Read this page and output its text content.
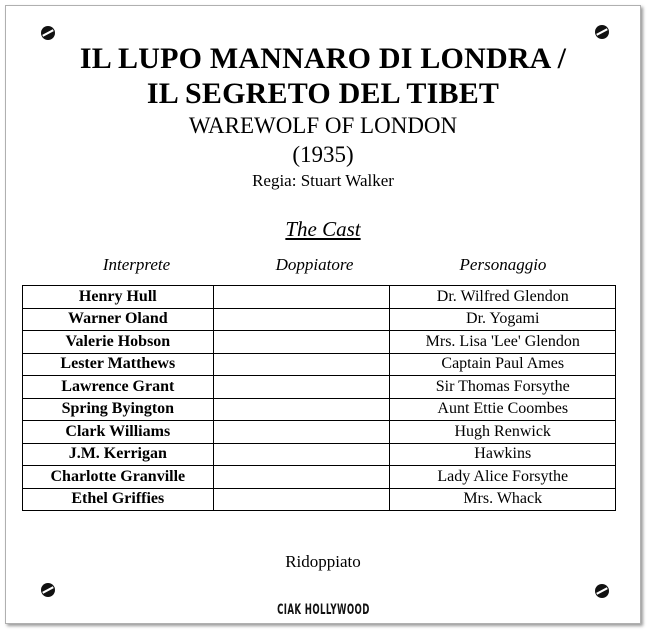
IL LUPO MANNARO DI LONDRA /
IL SEGRETO DEL TIBET
WAREWOLF OF LONDON
(1935)
Regia: Stuart Walker
The Cast
Interprete	Doppiatore	Personaggio
Henry Hull		Dr. Wilfred Glendon
Warner Oland		Dr. Yogami
Valerie Hobson		Mrs. Lisa 'Lee' Glendon
Lester Matthews		Captain Paul Ames
Lawrence Grant		Sir Thomas Forsythe
Spring Byington		Aunt Ettie Coombes
Clark Williams		Hugh Renwick
J.M. Kerrigan		Hawkins
Charlotte Granville		Lady Alice Forsythe
Ethel Griffies		Mrs. Whack
Ridoppiato
CIAK HOLLYWOOD
